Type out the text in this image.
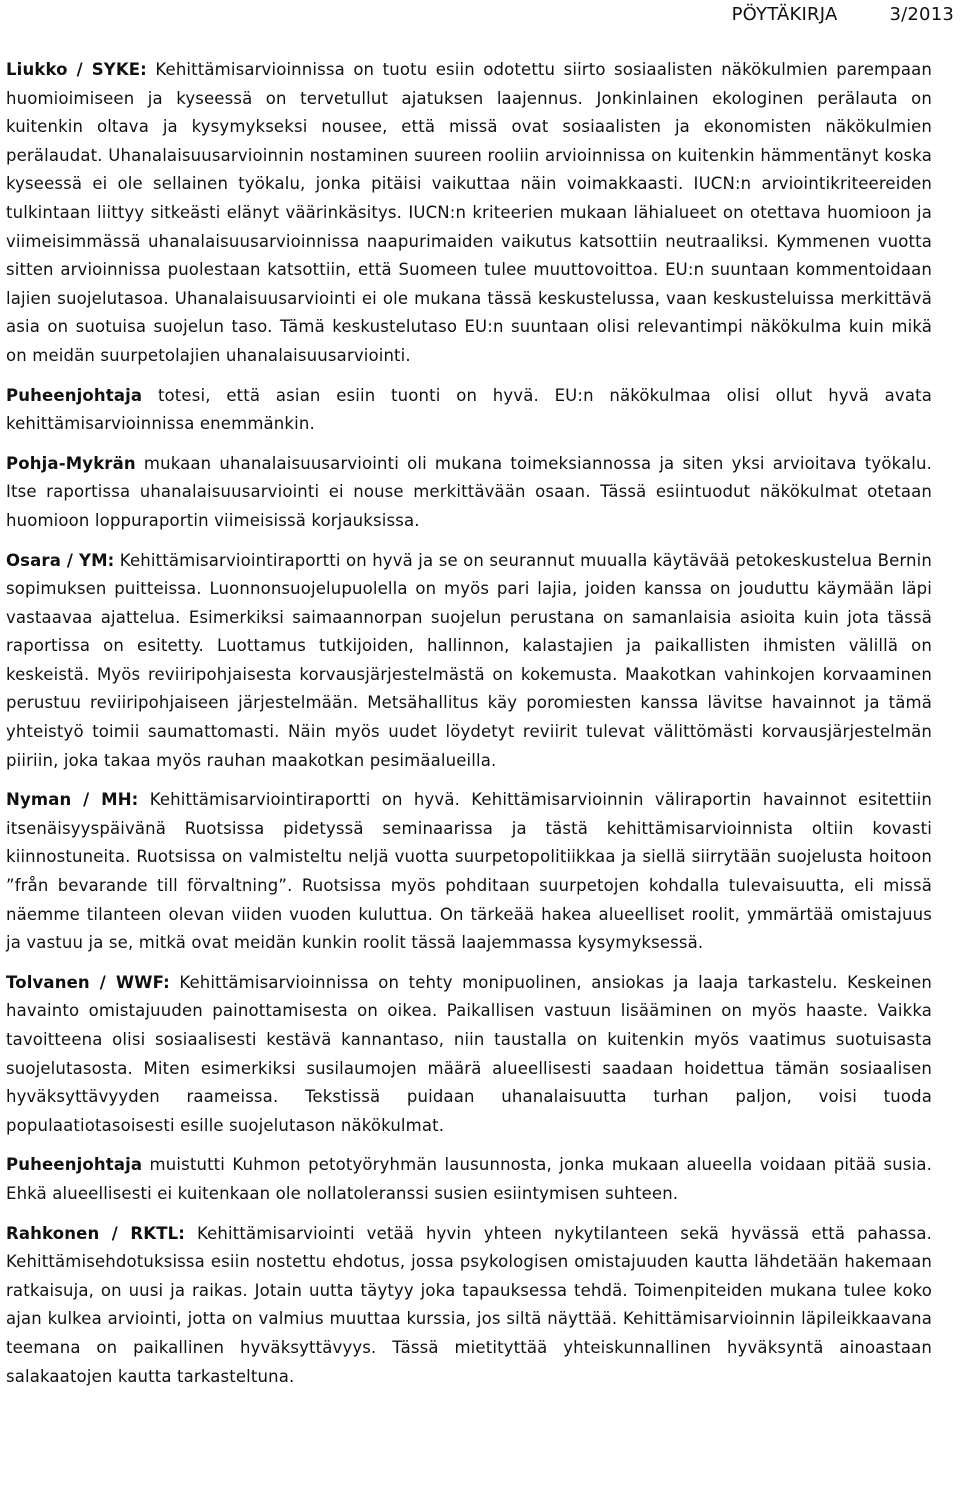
PÖYTÄKIRJA	3/2013

Liukko / SYKE: Kehittämisarvioinnissa on tuotu esiin odotettu siirto sosiaalisten näkökulmien parempaan huomioimiseen ja kyseessä on tervetullut ajatuksen laajennus. Jonkinlainen ekologinen perälauta on kuitenkin oltava ja kysymykseksi nousee, että missä ovat sosiaalisten ja ekonomisten näkökulmien perälaudat. Uhanalaisuusarvioinnin nostaminen suureen rooliin arvioinnissa on kuitenkin hämmentänyt koska kyseessä ei ole sellainen työkalu, jonka pitäisi vaikuttaa näin voimakkaasti. IUCN:n arviointikriteereiden tulkintaan liittyy sitkeästi elänyt väärinkäsitys. IUCN:n kriteerien mukaan lähialueet on otettava huomioon ja viimeisimmässä uhanalaisuusarvioinnissa naapurimaiden vaikutus katsottiin neutraaliksi. Kymmenen vuotta sitten arvioinnissa puolestaan katsottiin, että Suomeen tulee muuttovoittoa. EU:n suuntaan kommentoidaan lajien suojelutasoa. Uhanalaisuusarviointi ei ole mukana tässä keskustelussa, vaan keskusteluissa merkittävä asia on suotuisa suojelun taso. Tämä keskustelutaso EU:n suuntaan olisi relevantimpi näkökulma kuin mikä on meidän suurpetolajien uhanalaisuusarviointi.

Puheenjohtaja totesi, että asian esiin tuonti on hyvä. EU:n näkökulmaa olisi ollut hyvä avata kehittämisarvioinnissa enemmänkin.

Pohja-Mykrän mukaan uhanalaisuusarviointi oli mukana toimeksiannossa ja siten yksi arvioitava työkalu. Itse raportissa uhanalaisuusarviointi ei nouse merkittävään osaan. Tässä esiintuodut näkökulmat otetaan huomioon loppuraportin viimeisissä korjauksissa.

Osara / YM: Kehittämisarviointiraportti on hyvä ja se on seurannut muualla käytävää petokeskustelua Bernin sopimuksen puitteissa. Luonnonsuojelupuolella on myös pari lajia, joiden kanssa on jouduttu käymään läpi vastaavaa ajattelua. Esimerkiksi saimaannorpan suojelun perustana on samanlaisia asioita kuin jota tässä raportissa on esitetty. Luottamus tutkijoiden, hallinnon, kalastajien ja paikallisten ihmisten välillä on keskeistä. Myös reviiripohjaisesta korvausjärjestelmästä on kokemusta. Maakotkan vahinkojen korvaaminen perustuu reviiripohjaiseen järjestelmään. Metsähallitus käy poromiesten kanssa lävitse havainnot ja tämä yhteistyö toimii saumattomasti. Näin myös uudet löydetyt reviirit tulevat välittömästi korvausjärjestelmän piiriin, joka takaa myös rauhan maakotkan pesimäalueilla.

Nyman / MH: Kehittämisarviointiraportti on hyvä. Kehittämisarvioinnin väliraportin havainnot esitettiin itsenäisyyspäivänä Ruotsissa pidetyssä seminaarissa ja tästä kehittämisarvioinnista oltiin kovasti kiinnostuneita. Ruotsissa on valmisteltu neljä vuotta suurpetopolitiikkaa ja siellä siirrytään suojelusta hoitoon ”från bevarande till förvaltning”. Ruotsissa myös pohditaan suurpetojen kohdalla tulevaisuutta, eli missä näemme tilanteen olevan viiden vuoden kuluttua. On tärkeää hakea alueelliset roolit, ymmärtää omistajuus ja vastuu ja se, mitkä ovat meidän kunkin roolit tässä laajemmassa kysymyksessä.

Tolvanen / WWF: Kehittämisarvioinnissa on tehty monipuolinen, ansiokas ja laaja tarkastelu. Keskeinen havainto omistajuuden painottamisesta on oikea. Paikallisen vastuun lisääminen on myös haaste. Vaikka tavoitteena olisi sosiaalisesti kestävä kannantaso, niin taustalla on kuitenkin myös vaatimus suotuisasta suojelutasosta. Miten esimerkiksi susilaumojen määrä alueellisesti saadaan hoidettua tämän sosiaalisen hyväksyttävyyden raameissa. Tekstissä puidaan uhanalaisuutta turhan paljon, voisi tuoda populaatiotasoisesti esille suojelutason näkökulmat.

Puheenjohtaja muistutti Kuhmon petotyöryhmän lausunnosta, jonka mukaan alueella voidaan pitää susia. Ehkä alueellisesti ei kuitenkaan ole nollatoleranssi susien esiintymisen suhteen.

Rahkonen / RKTL: Kehittämisarviointi vetää hyvin yhteen nykytilanteen sekä hyvässä että pahassa. Kehittämisehdotuksissa esiin nostettu ehdotus, jossa psykologisen omistajuuden kautta lähdetään hakemaan ratkaisuja, on uusi ja raikas. Jotain uutta täytyy joka tapauksessa tehdä. Toimenpiteiden mukana tulee koko ajan kulkea arviointi, jotta on valmius muuttaa kurssia, jos siltä näyttää. Kehittämisarvioinnin läpileikkaavana teemana on paikallinen hyväksyttävyys. Tässä mietityttää yhteiskunnallinen hyväksyntä ainoastaan salakaatojen kautta tarkasteltuna.
